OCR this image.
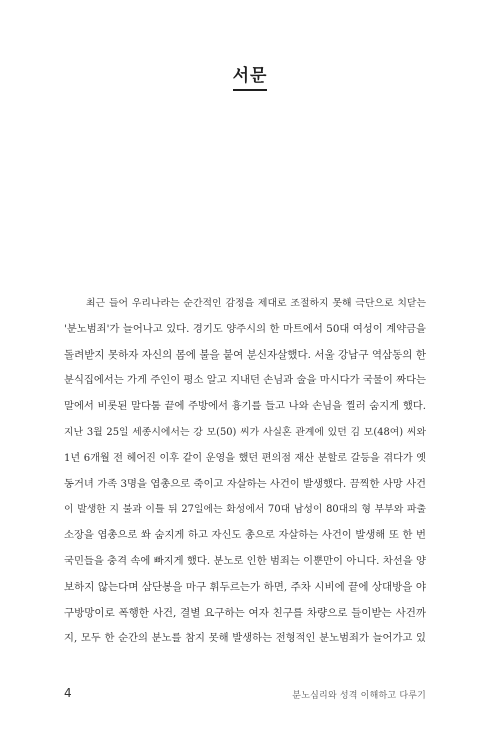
서문
최근 들어 우리나라는 순간적인 감정을 제대로 조절하지 못해 극단으로 치닫는
'분노범죄'가 늘어나고 있다. 경기도 양주시의 한 마트에서 50대 여성이 계약금을
돌려받지 못하자 자신의 몸에 불을 붙여 분신자살했다. 서울 강남구 역삼동의 한
분식집에서는 가게 주인이 평소 알고 지내던 손님과 술을 마시다가 국물이 짜다는
말에서 비롯된 말다툼 끝에 주방에서 흉기를 들고 나와 손님을 찔러 숨지게 했다.
지난 3월 25일 세종시에서는 강 모(50) 씨가 사실혼 관계에 있던 김 모(48여) 씨와
1년 6개월 전 헤어진 이후 같이 운영을 했던 편의점 재산 분할로 갈등을 겪다가 옛
동거녀 가족 3명을 엽총으로 죽이고 자살하는 사건이 발생했다. 끔찍한 사망 사건
이 발생한 지 불과 이틀 뒤 27일에는 화성에서 70대 남성이 80대의 형 부부와 파출
소장을 엽총으로 쏴 숨지게 하고 자신도 총으로 자살하는 사건이 발생해 또 한 번
국민들을 충격 속에 빠지게 했다. 분노로 인한 범죄는 이뿐만이 아니다. 차선을 양
보하지 않는다며 삼단봉을 마구 휘두르는가 하면, 주차 시비에 끝에 상대방을 야
구방망이로 폭행한 사건, 결별 요구하는 여자 친구를 차량으로 들이받는 사건까
지, 모두 한 순간의 분노를 참지 못해 발생하는 전형적인 분노범죄가 늘어가고 있
4	분노심리와 성격 이해하고 다루기
